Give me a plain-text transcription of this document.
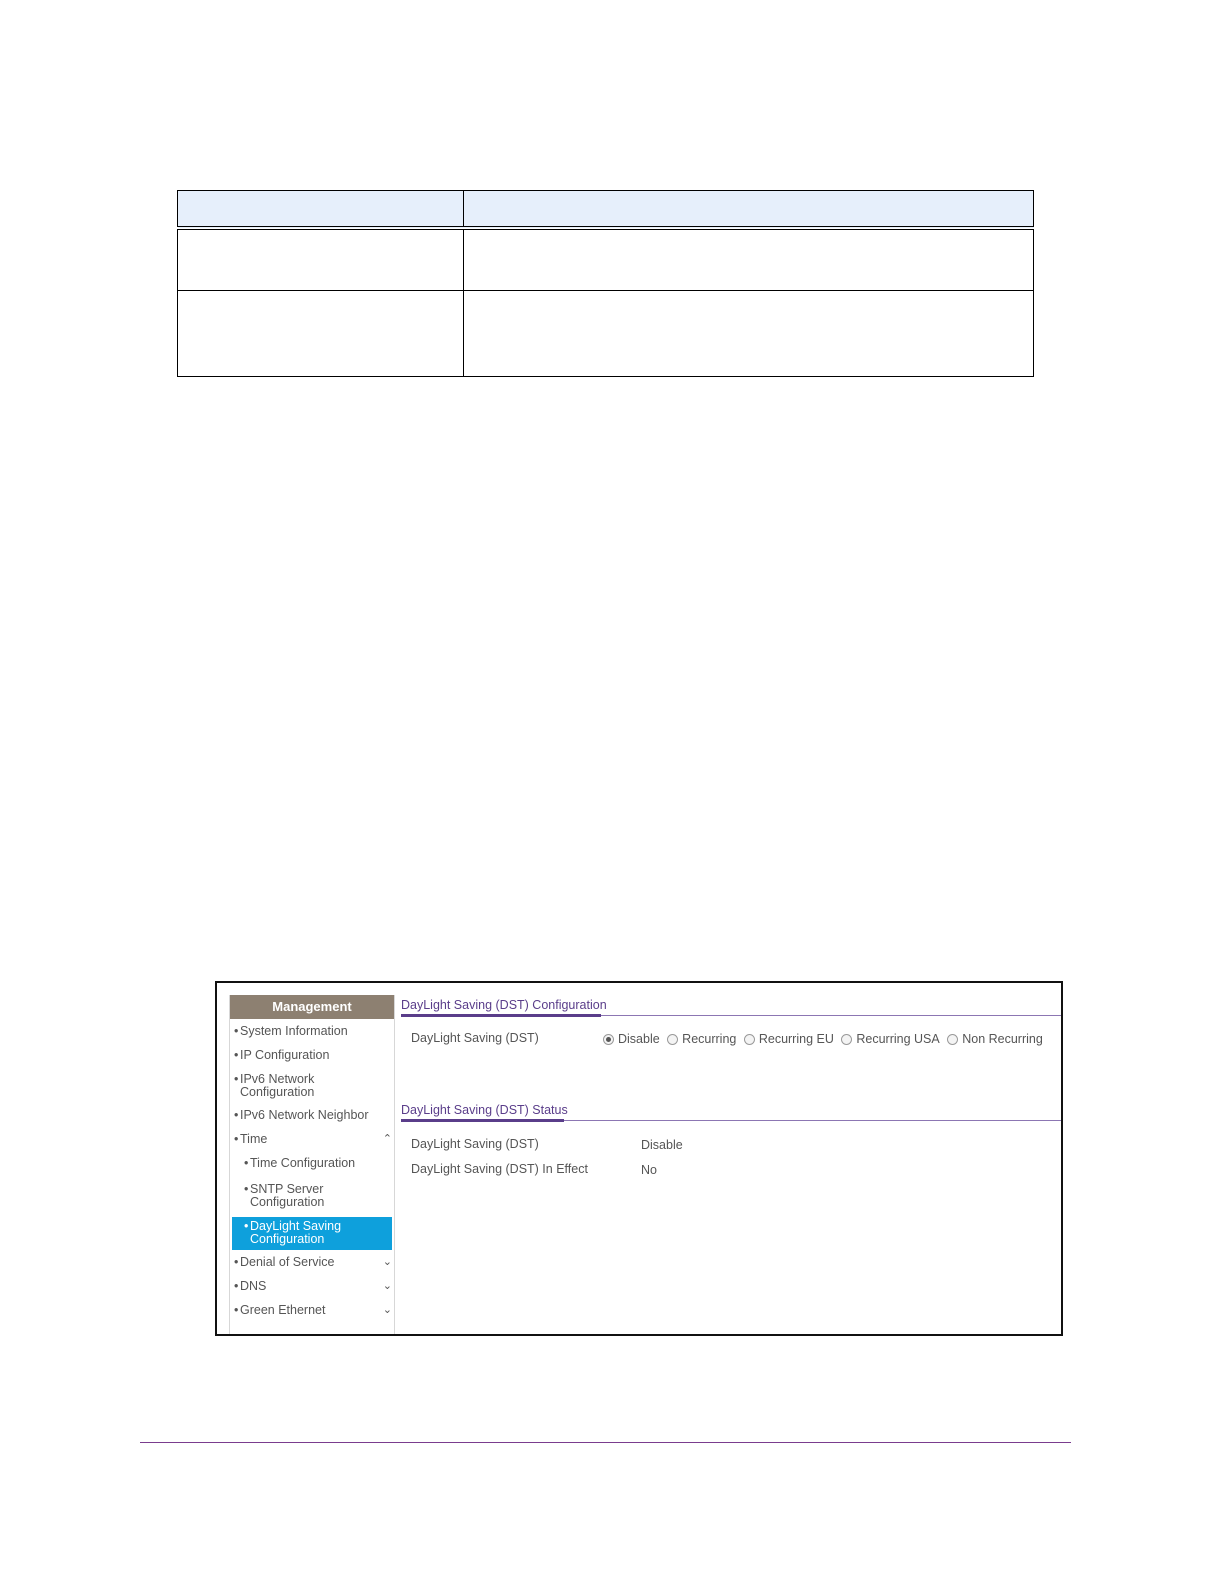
Management
• System Information
• IP Configuration
• IPv6 Network Configuration
• IPv6 Network Neighbor
• Time	⌃
• Time Configuration
• SNTP Server Configuration
• DayLight Saving Configuration
• Denial of Service	⌄
• DNS	⌄
• Green Ethernet	⌄
DayLight Saving (DST) Configuration
DayLight Saving (DST)	Disable
Recurring
Recurring EU
Recurring USA
Non Recurring
DayLight Saving (DST) Status
DayLight Saving (DST)	Disable
DayLight Saving (DST) In Effect	No
